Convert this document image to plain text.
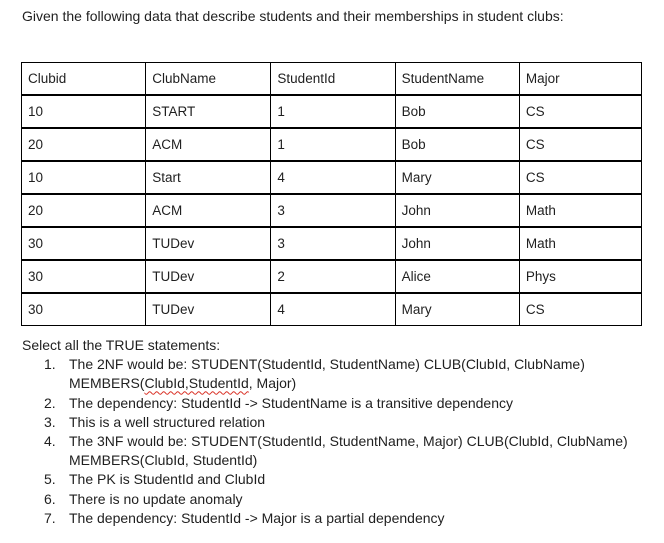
Given the following data that describe students and their memberships in student clubs:
Clubid	ClubName	StudentId	StudentName	Major

10	START	1	Bob	CS

20	ACM	1	Bob	CS

10	Start	4	Mary	CS

20	ACM	3	John	Math

30	TUDev	3	John	Math

30	TUDev	2	Alice	Phys

30	TUDev	4	Mary	CS
Select all the TRUE statements:
The 2NF would be: STUDENT(StudentId, StudentName) CLUB(ClubId, ClubName) MEMBERS(ClubId,StudentId, Major)
The dependency: StudentId -> StudentName is a transitive dependency
This is a well structured relation
The 3NF would be: STUDENT(StudentId, StudentName, Major) CLUB(ClubId, ClubName) MEMBERS(ClubId, StudentId)
The PK is StudentId and ClubId
There is no update anomaly
The dependency: StudentId -> Major is a partial dependency
